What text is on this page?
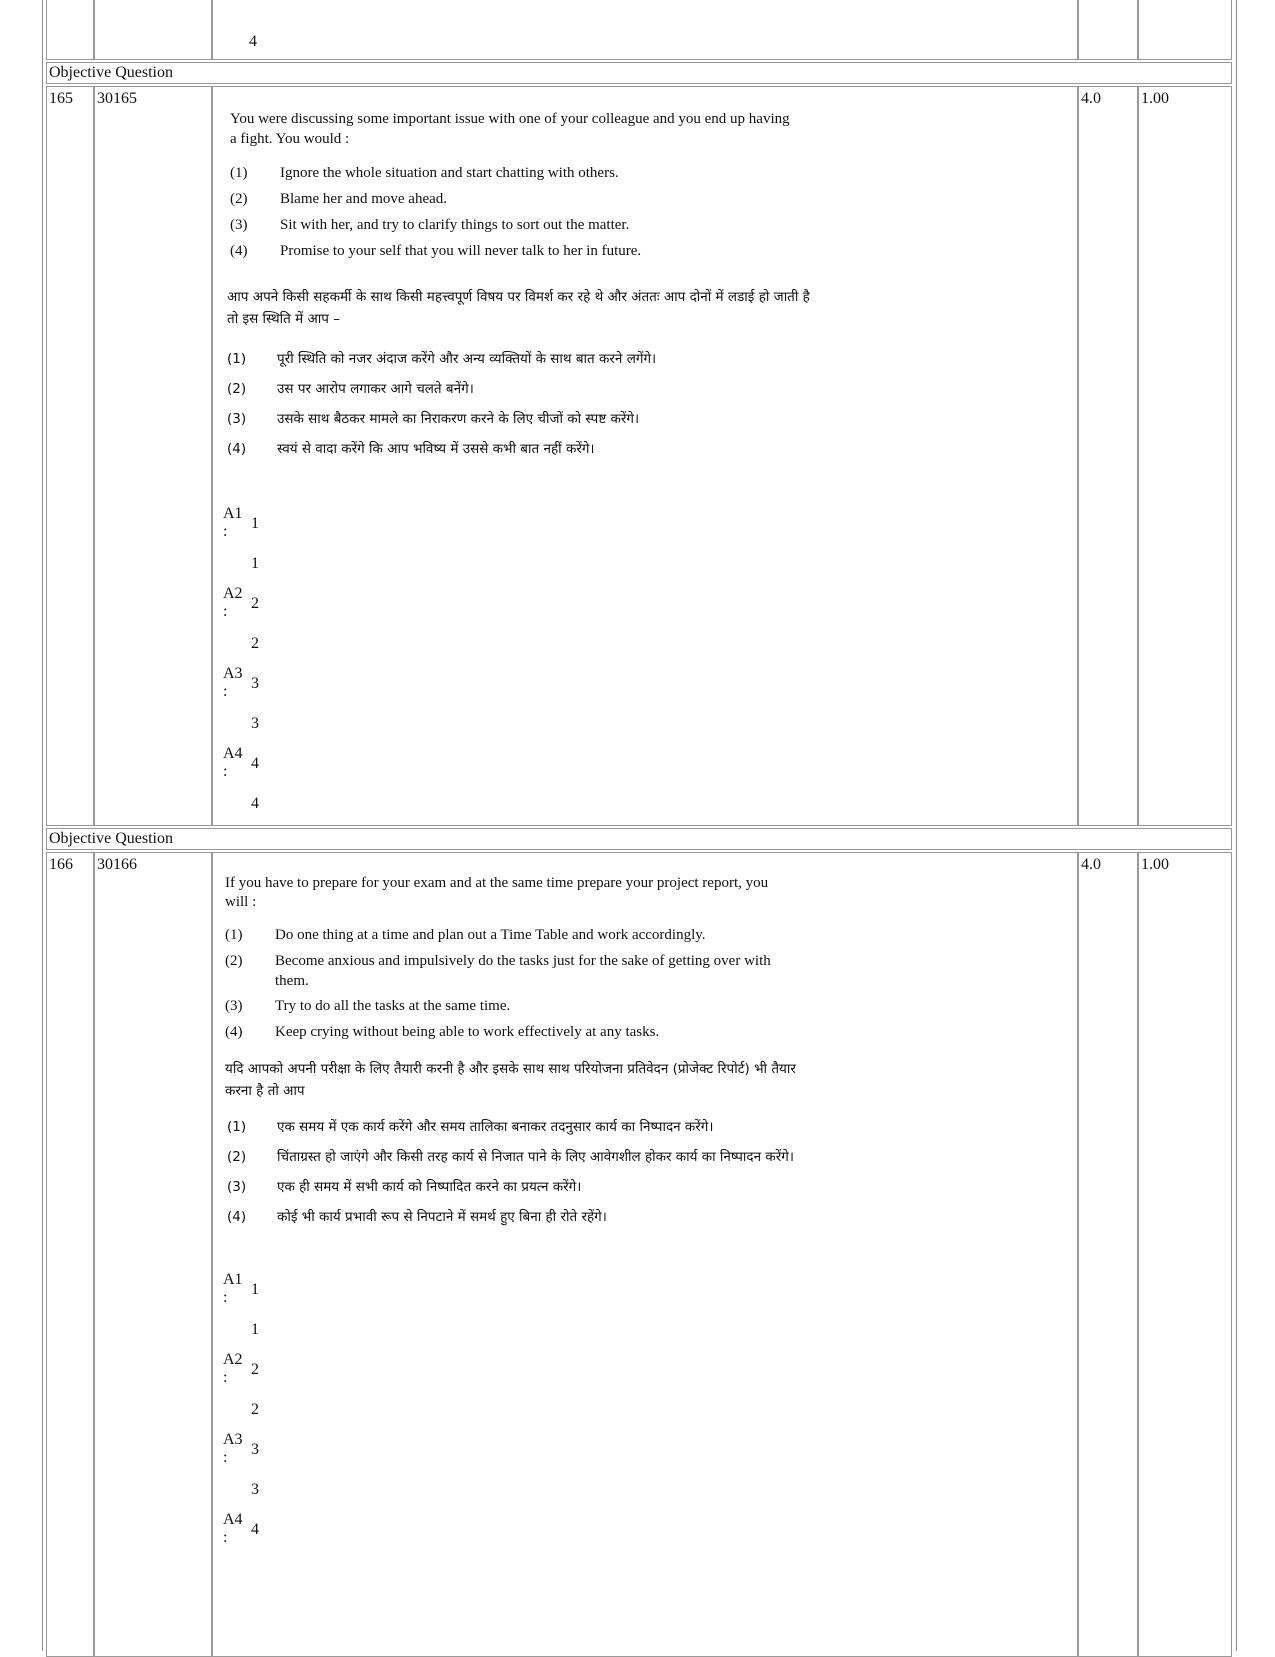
4
Objective Question
165 30165
You were discussing some important issue with one of your colleague and you end up having
a fight. You would :
(1) Ignore the whole situation and start chatting with others.
(2) Blame her and move ahead.
(3) Sit with her, and try to clarify things to sort out the matter.
(4) Promise to your self that you will never talk to her in future.
आप अपने किसी सहकर्मी के साथ किसी महत्त्वपूर्ण विषय पर विमर्श कर रहे थे और अंततः आप दोनों में लडाई हो जाती है
तो इस स्थिति में आप –
(1) पूरी स्थिति को नजर अंदाज करेंगे और अन्य व्यक्तियों के साथ बात करने लगेंगे।
(2) उस पर आरोप लगाकर आगे चलते बनेंगे।
(3) उसके साथ बैठकर मामले का निराकरण करने के लिए चीजों को स्पष्ट करेंगे।
(4) स्वयं से वादा करेंगे कि आप भविष्य में उससे कभी बात नहीं करेंगे।
A1
: 1
1
A2
: 2
2
A3
: 3
3
A4
: 4
4
4.0	1.00
Objective Question
166 30166
If you have to prepare for your exam and at the same time prepare your project report, you
will :
(1) Do one thing at a time and plan out a Time Table and work accordingly.
(2) Become anxious and impulsively do the tasks just for the sake of getting over with
them.
(3) Try to do all the tasks at the same time.
(4) Keep crying without being able to work effectively at any tasks.
यदि आपको अपनी परीक्षा के लिए तैयारी करनी है और इसके साथ साथ परियोजना प्रतिवेदन (प्रोजेक्ट रिपोर्ट) भी तैयार
करना है तो आप
(1) एक समय में एक कार्य करेंगे और समय तालिका बनाकर तदनुसार कार्य का निष्पादन करेंगे।
(2) चिंताग्रस्त हो जाएंगे और किसी तरह कार्य से निजात पाने के लिए आवेगशील होकर कार्य का निष्पादन करेंगे।
(3) एक ही समय में सभी कार्य को निष्पादित करने का प्रयत्न करेंगे।
(4) कोई भी कार्य प्रभावी रूप से निपटाने में समर्थ हुए बिना ही रोते रहेंगे।
A1
: 1
1
A2
: 2
2
A3
: 3
3
A4
: 4
4.0	1.00
